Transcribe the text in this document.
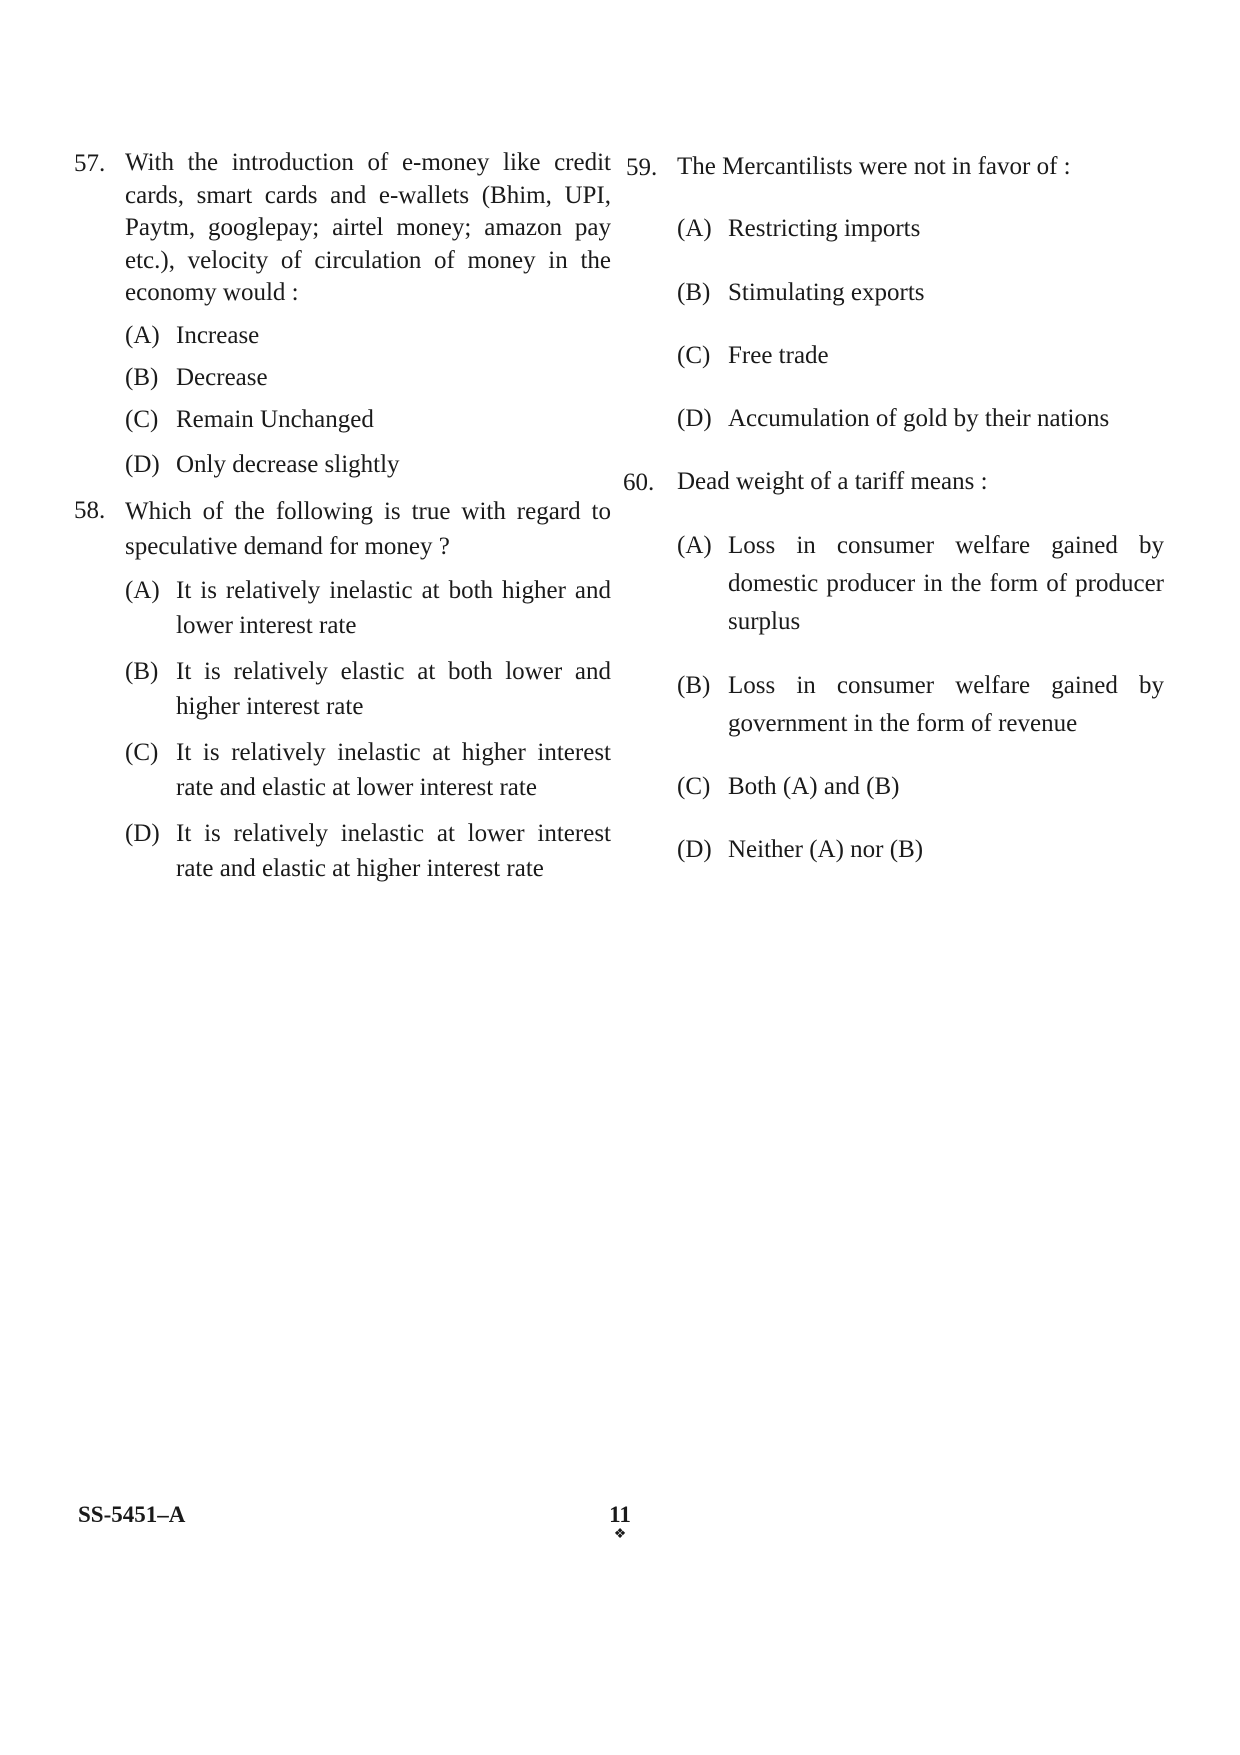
57. With the introduction of e-money like credit cards, smart cards and e-wallets (Bhim, UPI, Paytm, googlepay; airtel money; amazon pay etc.), velocity of circulation of money in the economy would :
(A) Increase
(B) Decrease
(C) Remain Unchanged
(D) Only decrease slightly
58. Which of the following is true with regard to speculative demand for money ?
(A) It is relatively inelastic at both higher and lower interest rate
(B) It is relatively elastic at both lower and higher interest rate
(C) It is relatively inelastic at higher interest rate and elastic at lower interest rate
(D) It is relatively inelastic at lower interest rate and elastic at higher interest rate
59. The Mercantilists were not in favor of :
(A) Restricting imports
(B) Stimulating exports
(C) Free trade
(D) Accumulation of gold by their nations
60. Dead weight of a tariff means :
(A) Loss in consumer welfare gained by domestic producer in the form of producer surplus
(B) Loss in consumer welfare gained by government in the form of revenue
(C) Both (A) and (B)
(D) Neither (A) nor (B)
SS-5451–A	11
❖
